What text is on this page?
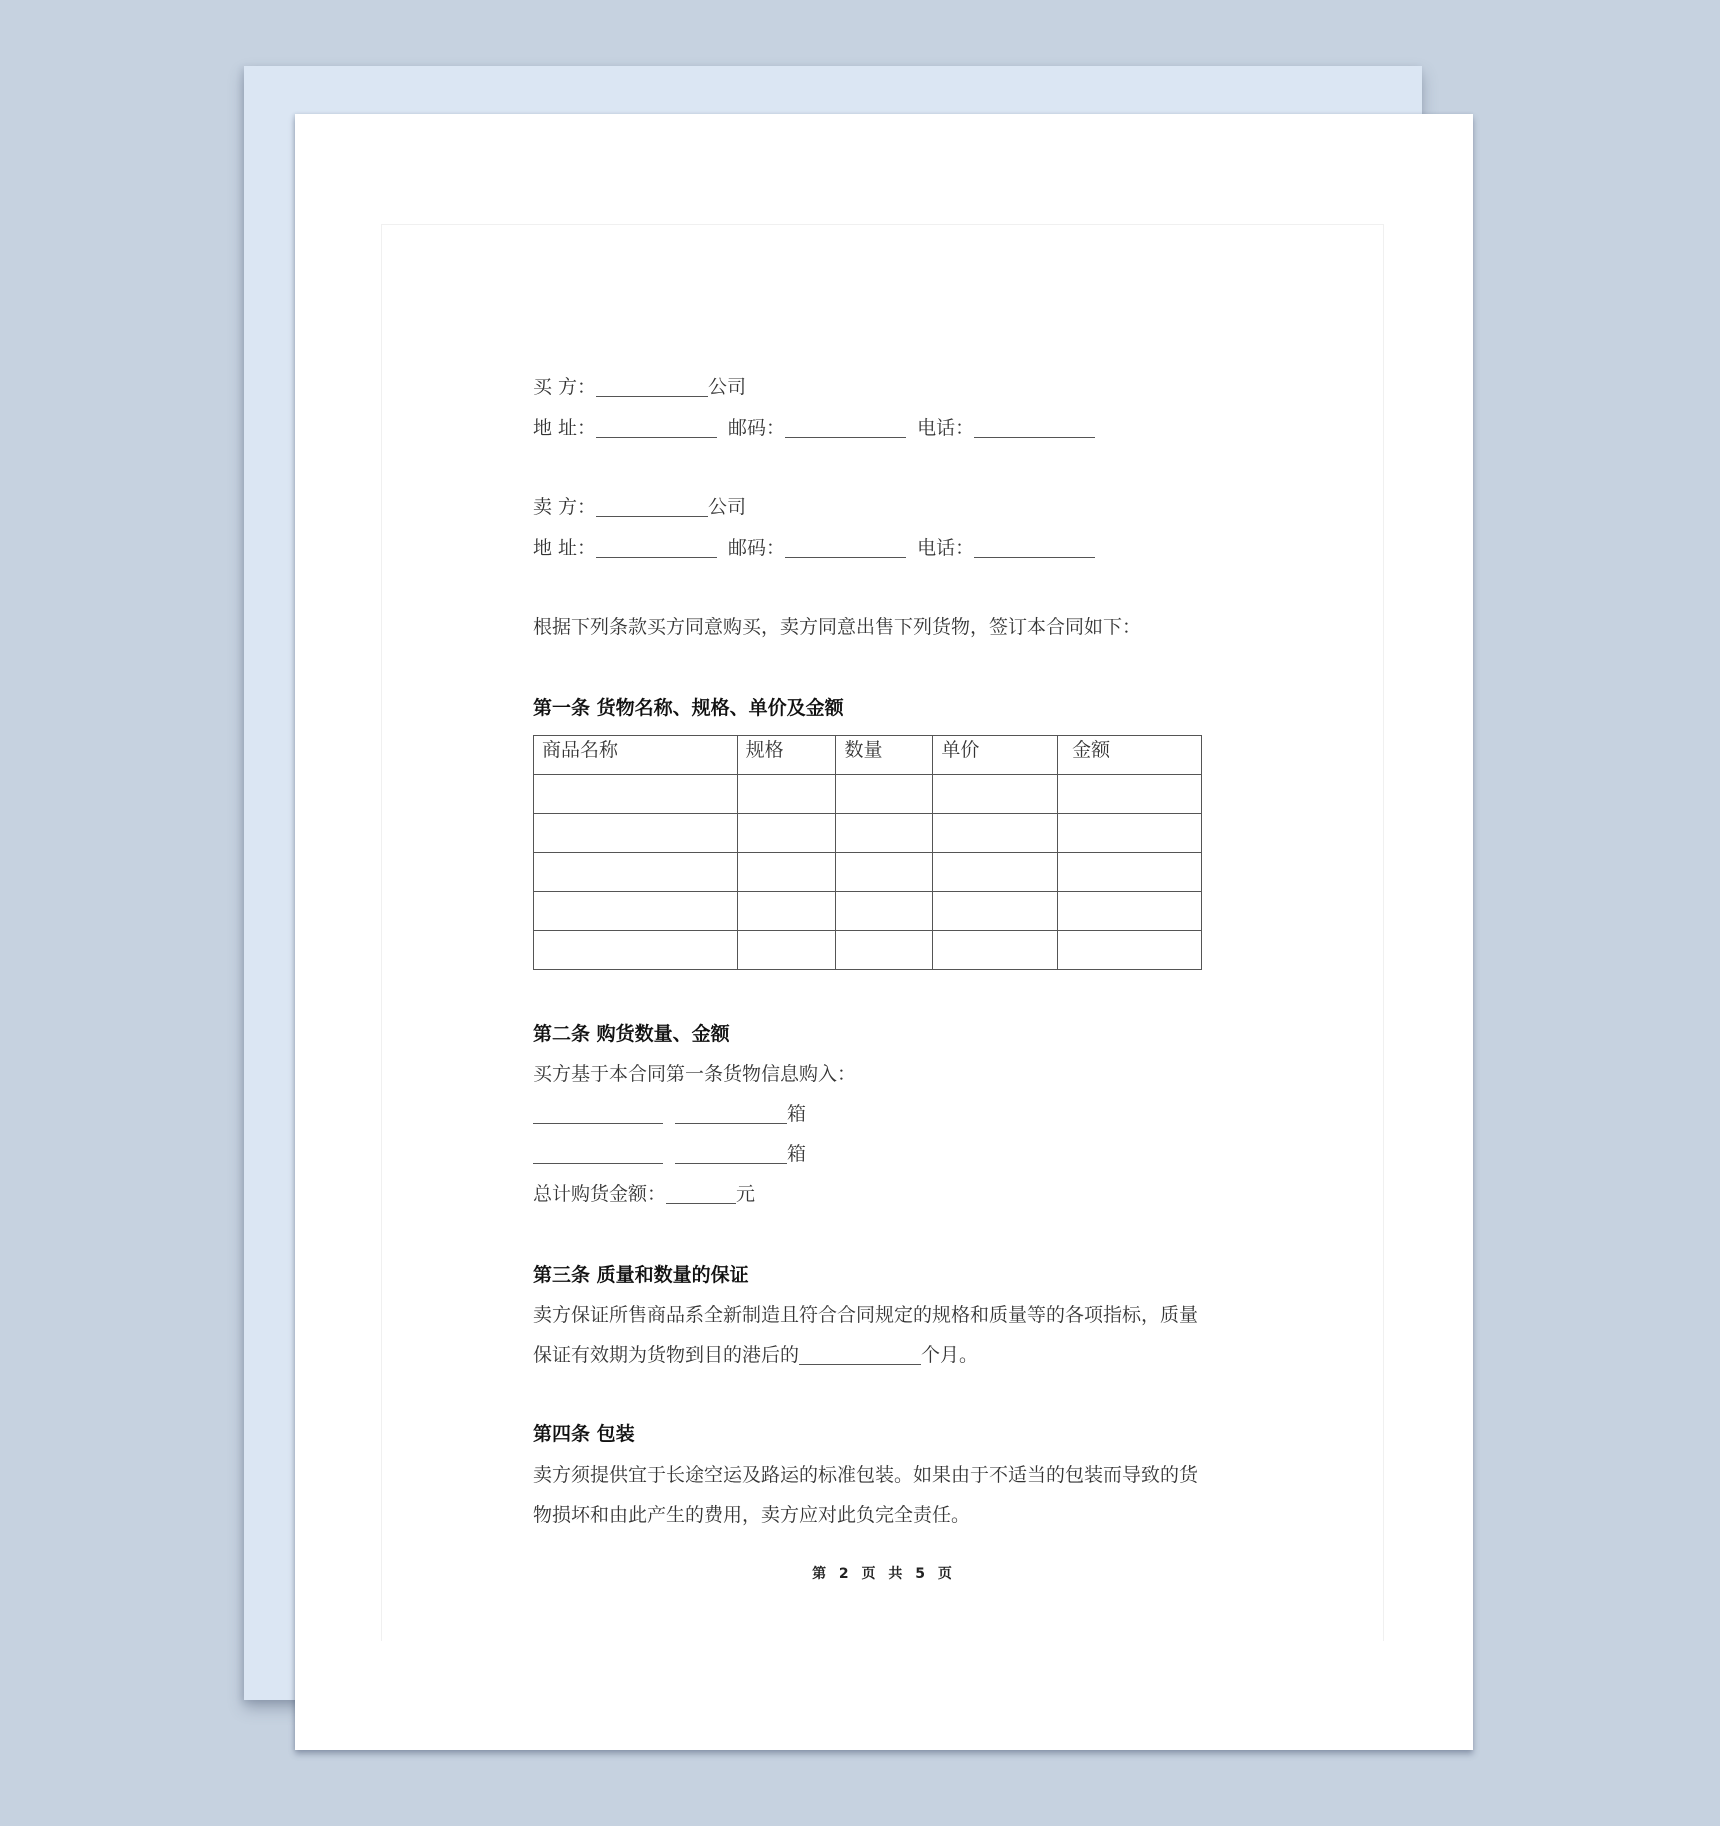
买 方：	公司
地 址：	邮码：	电话：
卖 方：	公司
地 址：	邮码：	电话：
根据下列条款买方同意购买，卖方同意出售下列货物，签订本合同如下：
第一条 货物名称、规格、单价及金额
商品名称	规格	数量	单价	金额

第二条 购货数量、金额
买方基于本合同第一条货物信息购入：
箱
箱
总计购货金额：	元
第三条 质量和数量的保证
卖方保证所售商品系全新制造且符合合同规定的规格和质量等的各项指标，质量
保证有效期为货物到目的港后的	个月。
第四条 包装
卖方须提供宜于长途空运及路运的标准包装。如果由于不适当的包装而导致的货
物损坏和由此产生的费用，卖方应对此负完全责任。
第 2 页 共 5 页
